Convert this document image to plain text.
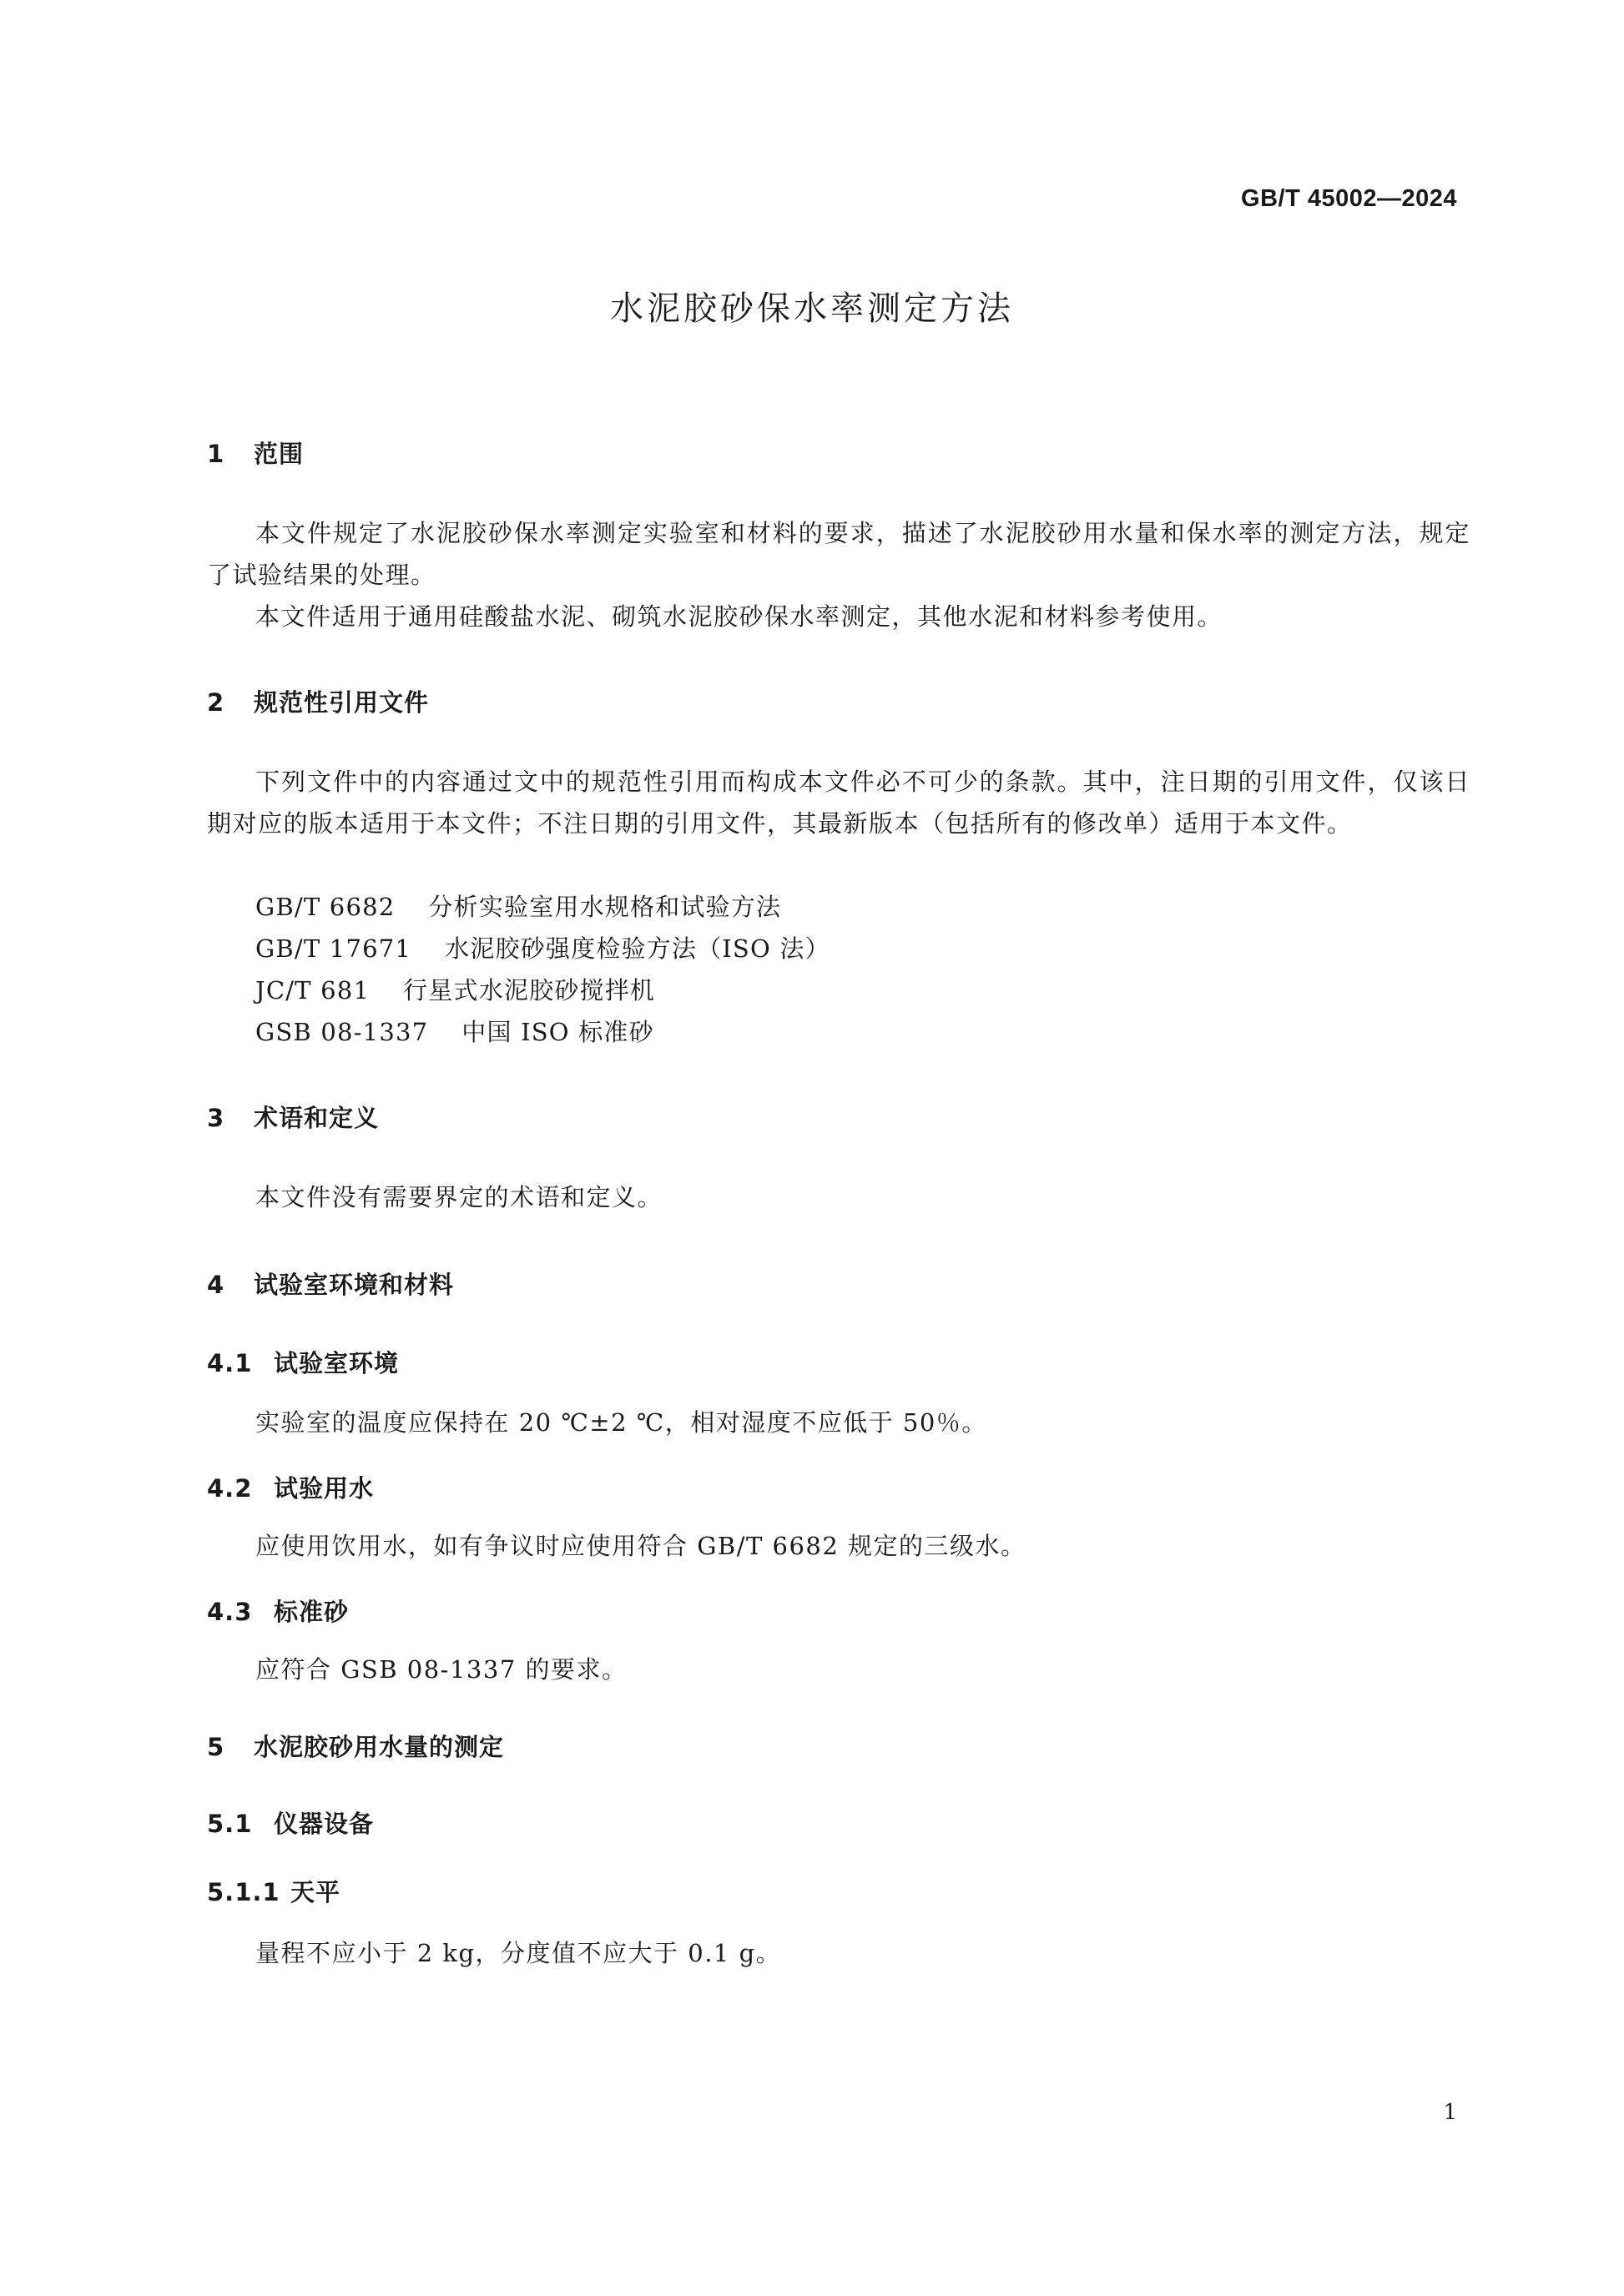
GB/T 45002—2024
水泥胶砂保水率测定方法
1 范围

本文件规定了水泥胶砂保水率测定实验室和材料的要求，描述了水泥胶砂用水量和保水率的测定方法，规定了试验结果的处理。

本文件适用于通用硅酸盐水泥、砌筑水泥胶砂保水率测定，其他水泥和材料参考使用。

2 规范性引用文件

下列文件中的内容通过文中的规范性引用而构成本文件必不可少的条款。其中，注日期的引用文件，仅该日期对应的版本适用于本文件；不注日期的引用文件，其最新版本（包括所有的修改单）适用于本文件。

GB/T 6682 分析实验室用水规格和试验方法

GB/T 17671 水泥胶砂强度检验方法（ISO 法）

JC/T 681 行星式水泥胶砂搅拌机

GSB 08-1337 中国 ISO 标准砂

3 术语和定义

本文件没有需要界定的术语和定义。

4 试验室环境和材料
4.1 试验室环境

实验室的温度应保持在 20 ℃±2 ℃，相对湿度不应低于 50％。

4.2 试验用水

应使用饮用水，如有争议时应使用符合 GB/T 6682 规定的三级水。

4.3 标准砂

应符合 GSB 08-1337 的要求。

5 水泥胶砂用水量的测定
5.1 仪器设备
5.1.1 天平

量程不应小于 2 kg，分度值不应大于 0.1 g。

1
